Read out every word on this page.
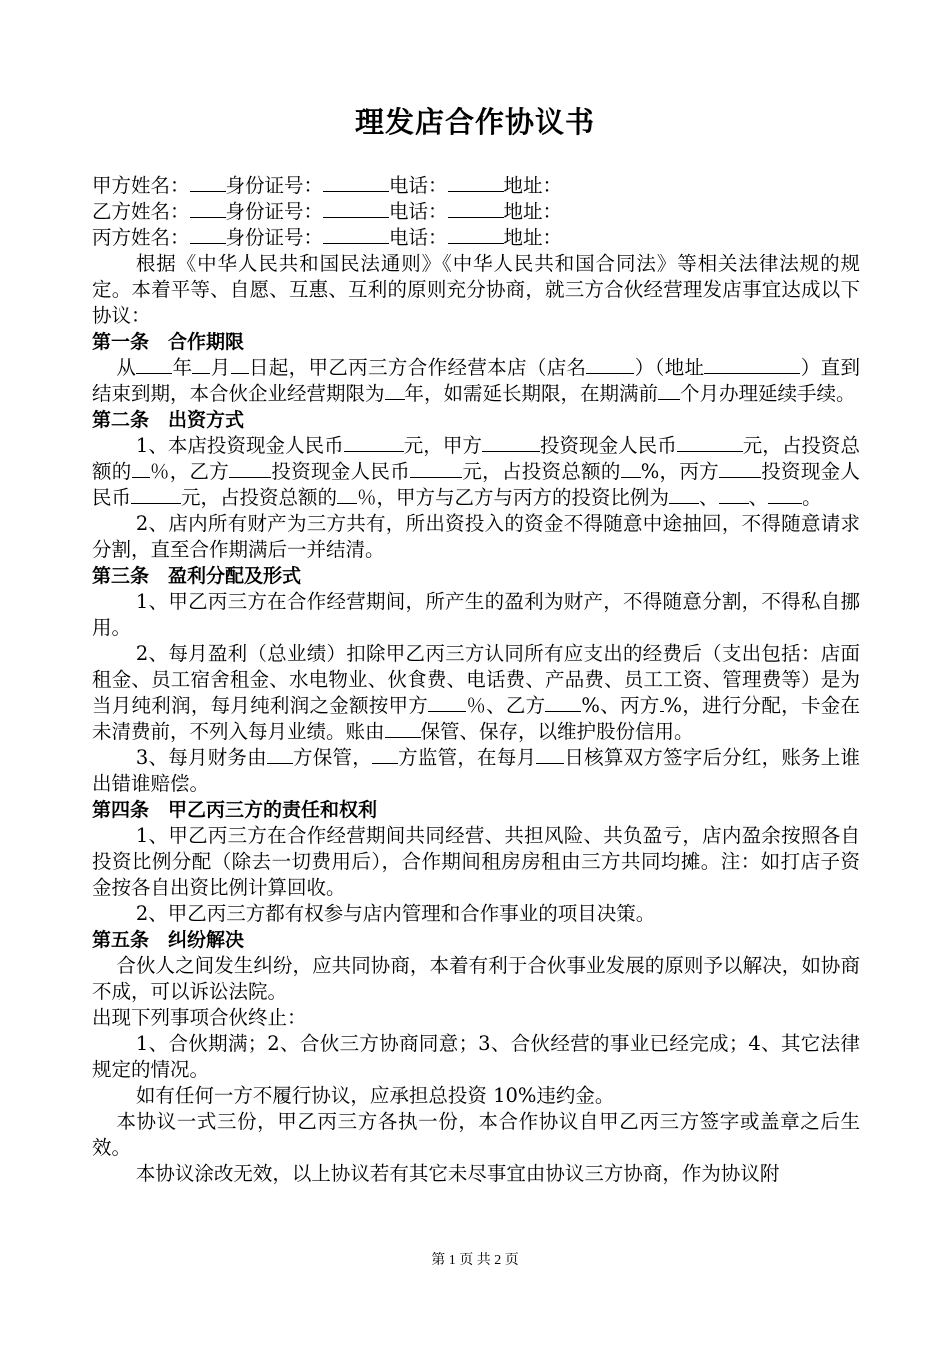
理发店合作协议书

甲方姓名： 身份证号：	电话：	地址：

乙方姓名： 身份证号：	电话：	地址：

丙方姓名： 身份证号：	电话：	地址：

根据《中华人民共和国民法通则》《中华人民共和国合同法》等相关法律法规的规定。本着平等、自愿、互惠、互利的原则充分协商，就三方合伙经营理发店事宜达成以下协议：

第一条　合作期限

从 年 月 日起，甲乙丙三方合作经营本店（店名 ）（地址	）直到结束到期，本合伙企业经营期限为 年，如需延长期限，在期满前 个月办理延续手续。

第二条　出资方式

1、本店投资现金人民币	元，甲方	投资现金人民币	元，占投资总额的 ％，乙方 投资现金人民币	元，占投资总额的 %，丙方 投资现金人民币	元，占投资总额的 ％，甲方与乙方与丙方的投资比例为 、 、 。

2、店内所有财产为三方共有，所出资投入的资金不得随意中途抽回，不得随意请求分割，直至合作期满后一并结清。

第三条　盈利分配及形式

1、甲乙丙三方在合作经营期间，所产生的盈利为财产，不得随意分割，不得私自挪用。

2、每月盈利（总业绩）扣除甲乙丙三方认同所有应支出的经费后（支出包括：店面租金、员工宿舍租金、水电物业、伙食费、电话费、产品费、员工工资、管理费等）是为当月纯利润，每月纯利润之金额按甲方 ％、乙方 %、丙方 %，进行分配，卡金在未清费前，不列入每月业绩。账由 保管、保存，以维护股份信用。

3、每月财务由 方保管， 方监管，在每月 日核算双方签字后分红，账务上谁出错谁赔偿。

第四条　甲乙丙三方的责任和权利

1、甲乙丙三方在合作经营期间共同经营、共担风险、共负盈亏，店内盈余按照各自投资比例分配（除去一切费用后），合作期间租房房租由三方共同均摊。注：如打店子资金按各自出资比例计算回收。

2、甲乙丙三方都有权参与店内管理和合作事业的项目决策。

第五条　纠纷解决

合伙人之间发生纠纷，应共同协商，本着有利于合伙事业发展的原则予以解决，如协商不成，可以诉讼法院。

出现下列事项合伙终止：

1、合伙期满；2、合伙三方协商同意；3、合伙经营的事业已经完成；4、其它法律规定的情况。

如有任何一方不履行协议，应承担总投资 10%违约金。

本协议一式三份，甲乙丙三方各执一份，本合作协议自甲乙丙三方签字或盖章之后生效。

本协议涂改无效，以上协议若有其它未尽事宜由协议三方协商，作为协议附

第 1 页 共 2 页
